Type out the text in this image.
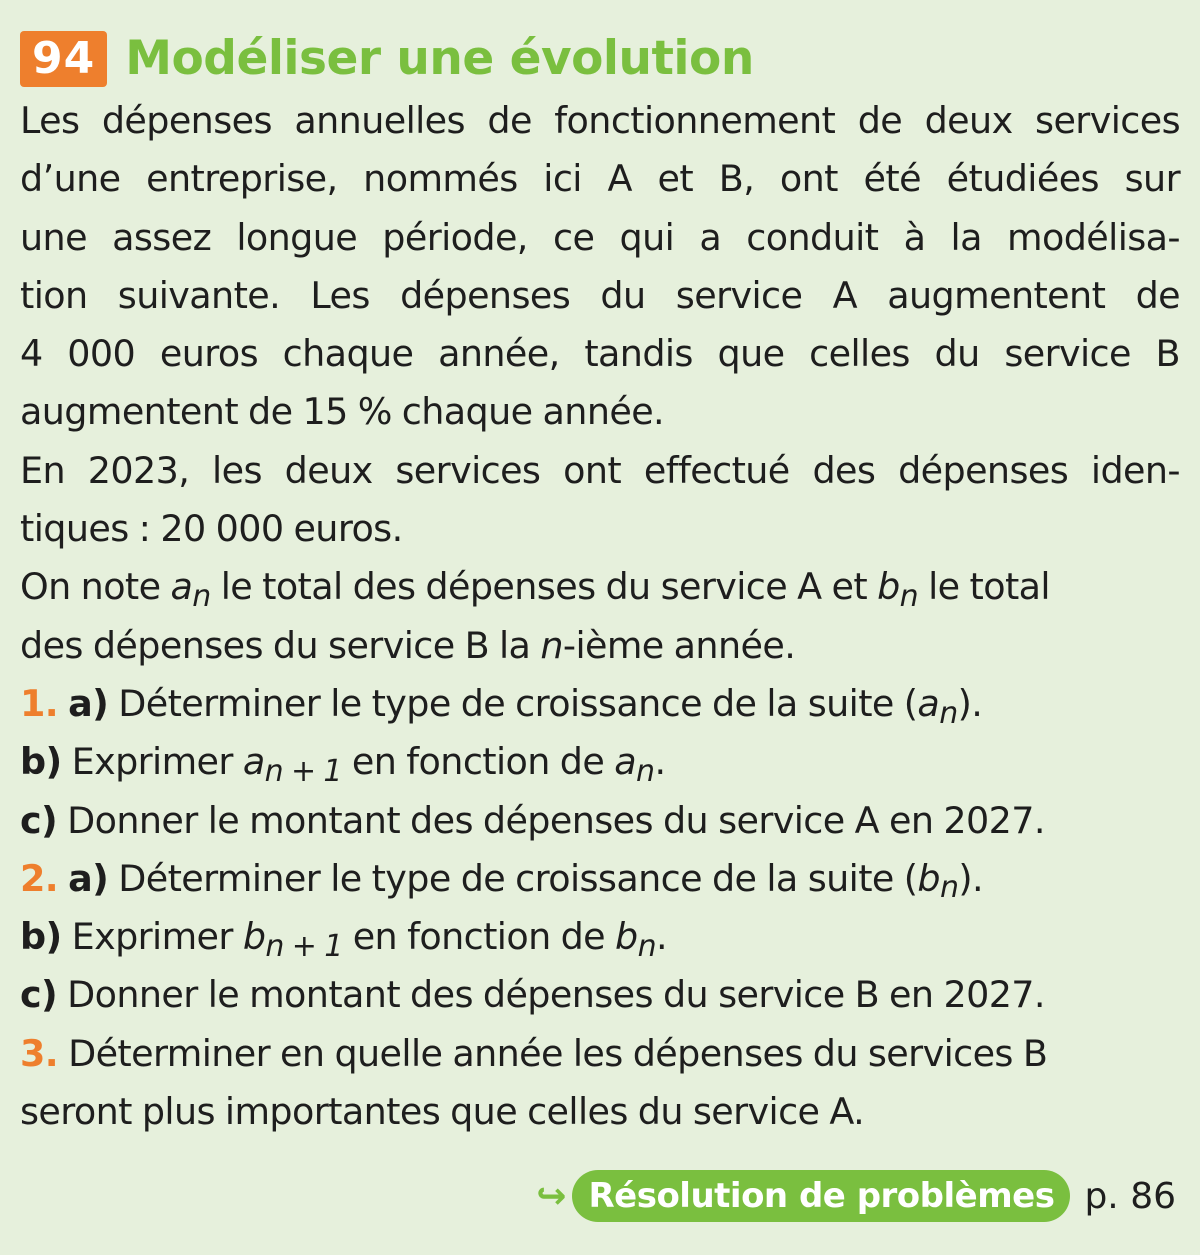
94 Modéliser une évolution
Les dépenses annuelles de fonctionnement de deux services
d’une entreprise, nommés ici A et B, ont été étudiées sur
une assez longue période, ce qui a conduit à la modélisa-
tion suivante. Les dépenses du service A augmentent de
4 000 euros chaque année, tandis que celles du service B
augmentent de 15 % chaque année.
En 2023, les deux services ont effectué des dépenses iden-
tiques : 20 000 euros.
On note $a_n$ le total des dépenses du service A et $b_n$ le total
des dépenses du service B la n-ième année.
1. a) Déterminer le type de croissance de la suite $(a_n)$.
b) Exprimer $a_{n + 1}$ en fonction de $a_n$.
c) Donner le montant des dépenses du service A en 2027.
2. a) Déterminer le type de croissance de la suite $(b_n)$.
b) Exprimer $b_{n + 1}$ en fonction de $b_n$.
c) Donner le montant des dépenses du service B en 2027.
3. Déterminer en quelle année les dépenses du services B
seront plus importantes que celles du service A.
↪ Résolution de problèmes p. 86
